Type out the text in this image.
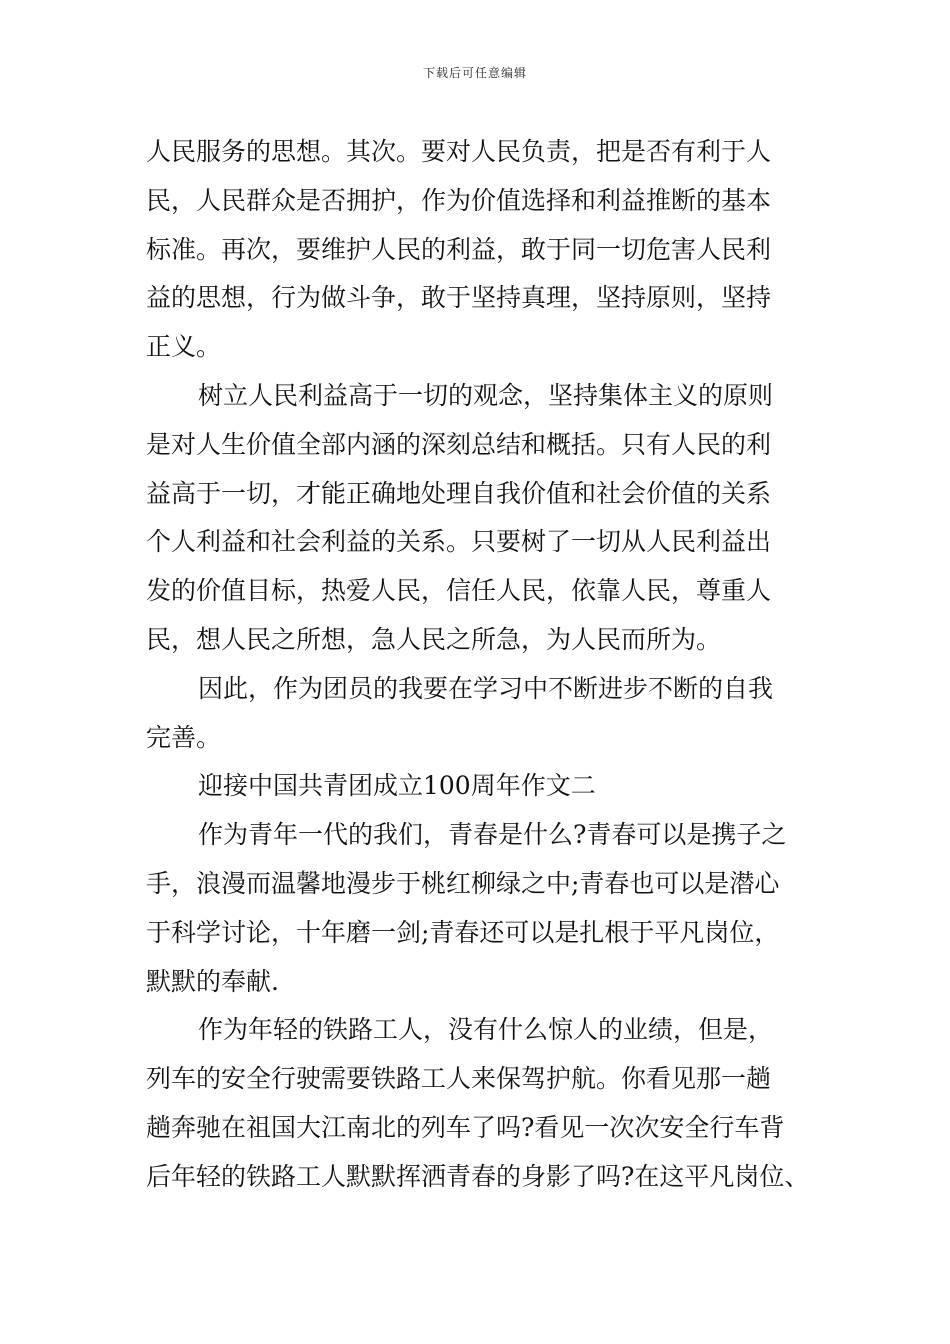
下载后可任意编辑
人民服务的思想。其次。要对人民负责，把是否有利于人
民，人民群众是否拥护，作为价值选择和利益推断的基本
标准。再次，要维护人民的利益，敢于同一切危害人民利
益的思想，行为做斗争，敢于坚持真理，坚持原则，坚持
正义。
树立人民利益高于一切的观念，坚持集体主义的原则
是对人生价值全部内涵的深刻总结和概括。只有人民的利
益高于一切，才能正确地处理自我价值和社会价值的关系
个人利益和社会利益的关系。只要树了一切从人民利益出
发的价值目标，热爱人民，信任人民，依靠人民，尊重人
民，想人民之所想，急人民之所急，为人民而所为。
因此，作为团员的我要在学习中不断进步不断的自我
完善。
迎接中国共青团成立100周年作文二
作为青年一代的我们，青春是什么?青春可以是携子之
手，浪漫而温馨地漫步于桃红柳绿之中;青春也可以是潜心
于科学讨论，十年磨一剑;青春还可以是扎根于平凡岗位，
默默的奉献.
作为年轻的铁路工人，没有什么惊人的业绩，但是，
列车的安全行驶需要铁路工人来保驾护航。你看见那一趟
趟奔驰在祖国大江南北的列车了吗?看见一次次安全行车背
后年轻的铁路工人默默挥洒青春的身影了吗?在这平凡岗位、
